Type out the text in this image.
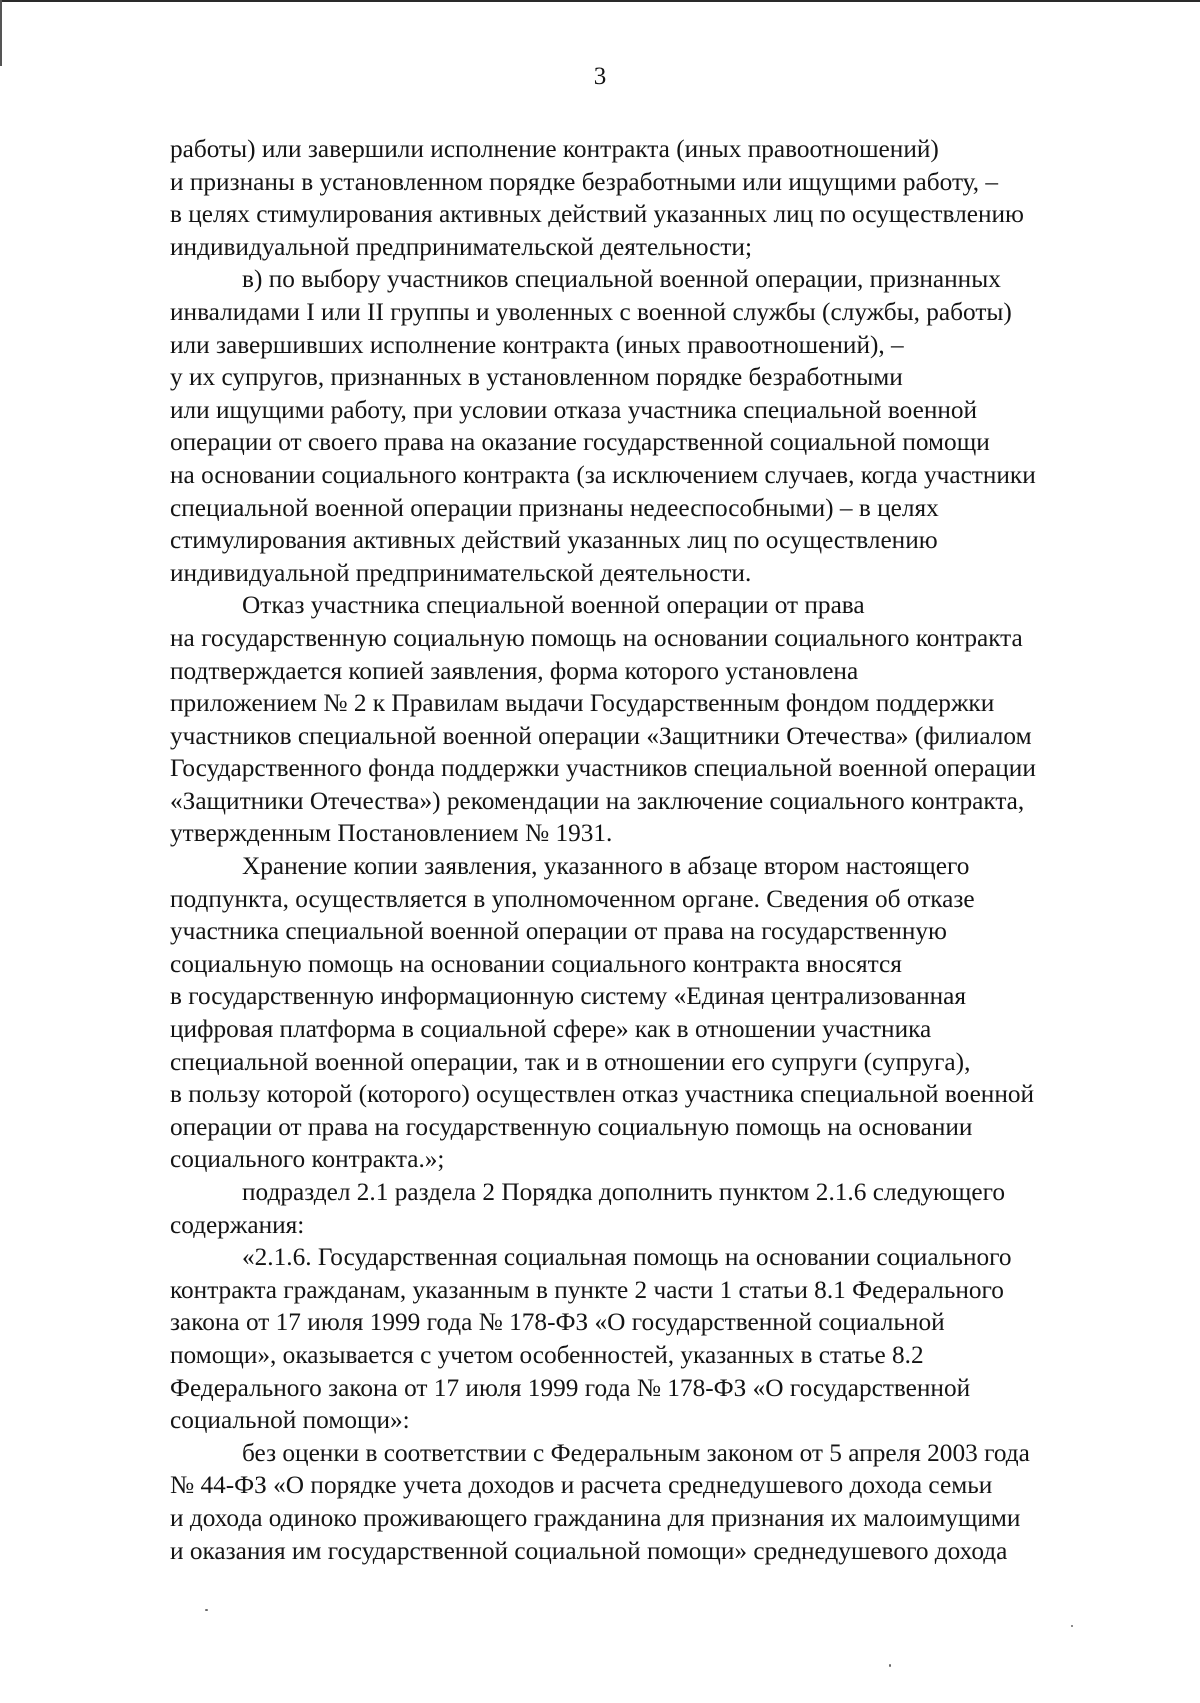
3
работы) или завершили исполнение контракта (иных правоотношений)
и признаны в установленном порядке безработными или ищущими работу, –
в целях стимулирования активных действий указанных лиц по осуществлению
индивидуальной предпринимательской деятельности;
в) по выбору участников специальной военной операции, признанных
инвалидами I или II группы и уволенных с военной службы (службы, работы)
или завершивших исполнение контракта (иных правоотношений), –
у их супругов, признанных в установленном порядке безработными
или ищущими работу, при условии отказа участника специальной военной
операции от своего права на оказание государственной социальной помощи
на основании социального контракта (за исключением случаев, когда участники
специальной военной операции признаны недееспособными) – в целях
стимулирования активных действий указанных лиц по осуществлению
индивидуальной предпринимательской деятельности.
Отказ участника специальной военной операции от права
на государственную социальную помощь на основании социального контракта
подтверждается копией заявления, форма которого установлена
приложением № 2 к Правилам выдачи Государственным фондом поддержки
участников специальной военной операции «Защитники Отечества» (филиалом
Государственного фонда поддержки участников специальной военной операции
«Защитники Отечества») рекомендации на заключение социального контракта,
утвержденным Постановлением № 1931.
Хранение копии заявления, указанного в абзаце втором настоящего
подпункта, осуществляется в уполномоченном органе. Сведения об отказе
участника специальной военной операции от права на государственную
социальную помощь на основании социального контракта вносятся
в государственную информационную систему «Единая централизованная
цифровая платформа в социальной сфере» как в отношении участника
специальной военной операции, так и в отношении его супруги (супруга),
в пользу которой (которого) осуществлен отказ участника специальной военной
операции от права на государственную социальную помощь на основании
социального контракта.»;
подраздел 2.1 раздела 2 Порядка дополнить пунктом 2.1.6 следующего
содержания:
«2.1.6. Государственная социальная помощь на основании социального
контракта гражданам, указанным в пункте 2 части 1 статьи 8.1 Федерального
закона от 17 июля 1999 года № 178-ФЗ «О государственной социальной
помощи», оказывается с учетом особенностей, указанных в статье 8.2
Федерального закона от 17 июля 1999 года № 178-ФЗ «О государственной
социальной помощи»:
без оценки в соответствии с Федеральным законом от 5 апреля 2003 года
№ 44-ФЗ «О порядке учета доходов и расчета среднедушевого дохода семьи
и дохода одиноко проживающего гражданина для признания их малоимущими
и оказания им государственной социальной помощи» среднедушевого дохода
